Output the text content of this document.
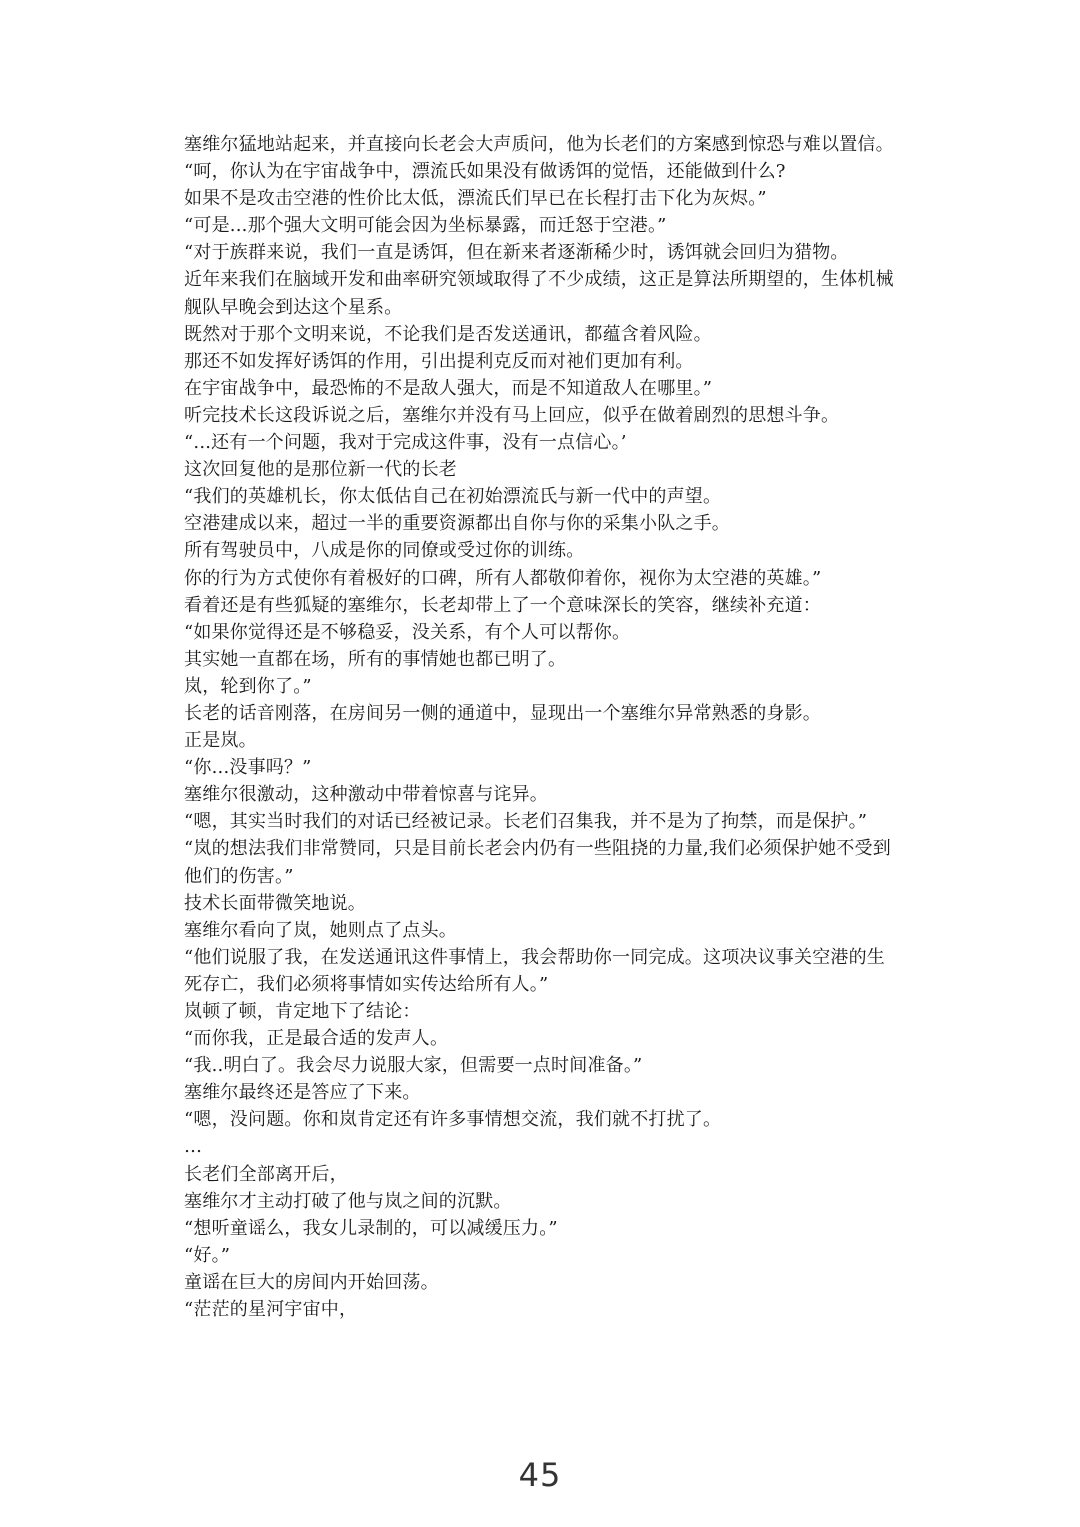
塞维尔猛地站起来，并直接向长老会大声质问，他为长老们的方案感到惊恐与难以置信。
“呵，你认为在宇宙战争中，漂流氏如果没有做诱饵的觉悟，还能做到什么?
如果不是攻击空港的性价比太低，漂流氏们早已在长程打击下化为灰烬。”
“可是...那个强大文明可能会因为坐标暴露，而迁怒于空港。”
“对于族群来说，我们一直是诱饵，但在新来者逐渐稀少时，诱饵就会回归为猎物。
近年来我们在脑域开发和曲率研究领域取得了不少成绩，这正是算法所期望的，生体机械
舰队早晚会到达这个星系。
既然对于那个文明来说，不论我们是否发送通讯，都蕴含着风险。
那还不如发挥好诱饵的作用，引出提利克反而对祂们更加有利。
在宇宙战争中，最恐怖的不是敌人强大，而是不知道敌人在哪里。”
听完技术长这段诉说之后，塞维尔并没有马上回应，似乎在做着剧烈的思想斗争。
“...还有一个问题，我对于完成这件事，没有一点信心。’
这次回复他的是那位新一代的长老
“我们的英雄机长，你太低估自己在初始漂流氏与新一代中的声望。
空港建成以来，超过一半的重要资源都出自你与你的采集小队之手。
所有驾驶员中，八成是你的同僚或受过你的训练。
你的行为方式使你有着极好的口碑，所有人都敬仰着你，视你为太空港的英雄。”
看着还是有些狐疑的塞维尔，长老却带上了一个意味深长的笑容，继续补充道：
“如果你觉得还是不够稳妥，没关系，有个人可以帮你。
其实她一直都在场，所有的事情她也都已明了。
岚，轮到你了。”
长老的话音刚落，在房间另一侧的通道中，显现出一个塞维尔异常熟悉的身影。
正是岚。
“你...没事吗？”
塞维尔很激动，这种激动中带着惊喜与诧异。
“嗯，其实当时我们的对话已经被记录。长老们召集我，并不是为了拘禁，而是保护。”
“岚的想法我们非常赞同，只是目前长老会内仍有一些阻挠的力量,我们必须保护她不受到
他们的伤害。”
技术长面带微笑地说。
塞维尔看向了岚，她则点了点头。
“他们说服了我，在发送通讯这件事情上，我会帮助你一同完成。这项决议事关空港的生
死存亡，我们必须将事情如实传达给所有人。”
岚顿了顿，肯定地下了结论：
“而你我，正是最合适的发声人。
“我..明白了。我会尽力说服大家，但需要一点时间准备。”
塞维尔最终还是答应了下来。
“嗯，没问题。你和岚肯定还有许多事情想交流，我们就不打扰了。
…
长老们全部离开后，
塞维尔才主动打破了他与岚之间的沉默。
“想听童谣么，我女儿录制的，可以减缓压力。”
“好。”
童谣在巨大的房间内开始回荡。
“茫茫的星河宇宙中，
45
